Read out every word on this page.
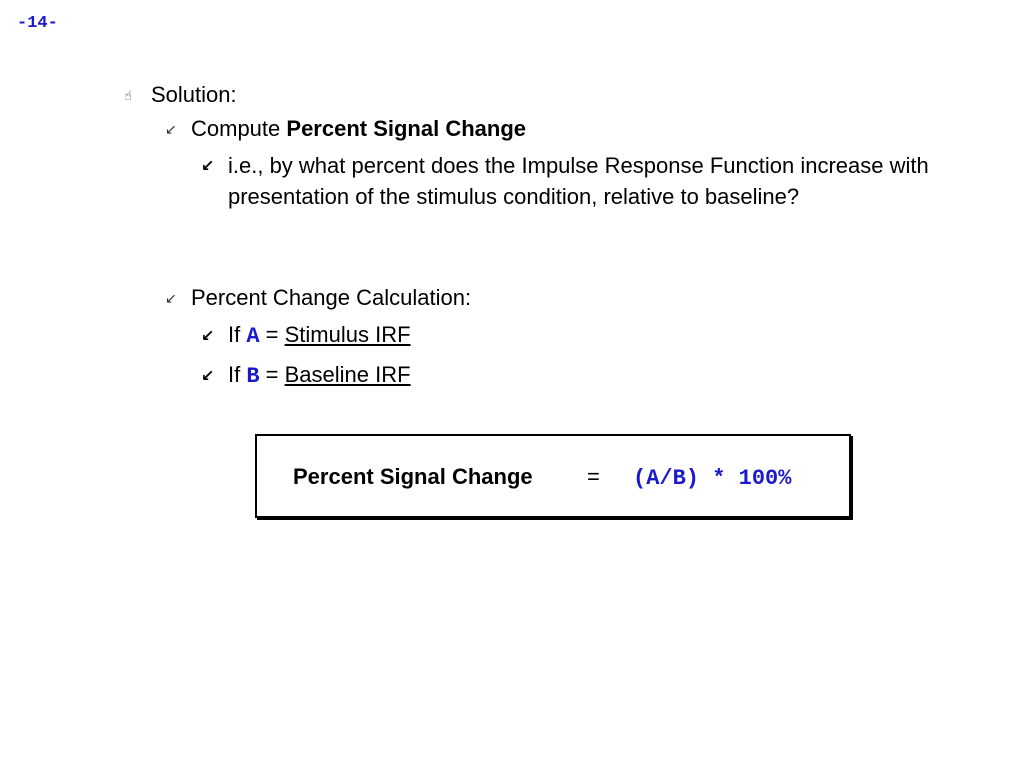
-14-
☝ Solution:
↙ Compute Percent Signal Change
↙ i.e., by what percent does the Impulse Response Function increase with presentation of the stimulus condition, relative to baseline?
↙ Percent Change Calculation:
↙ If A = Stimulus IRF
↙ If B = Baseline IRF
Percent Signal Change = (A/B) * 100%
